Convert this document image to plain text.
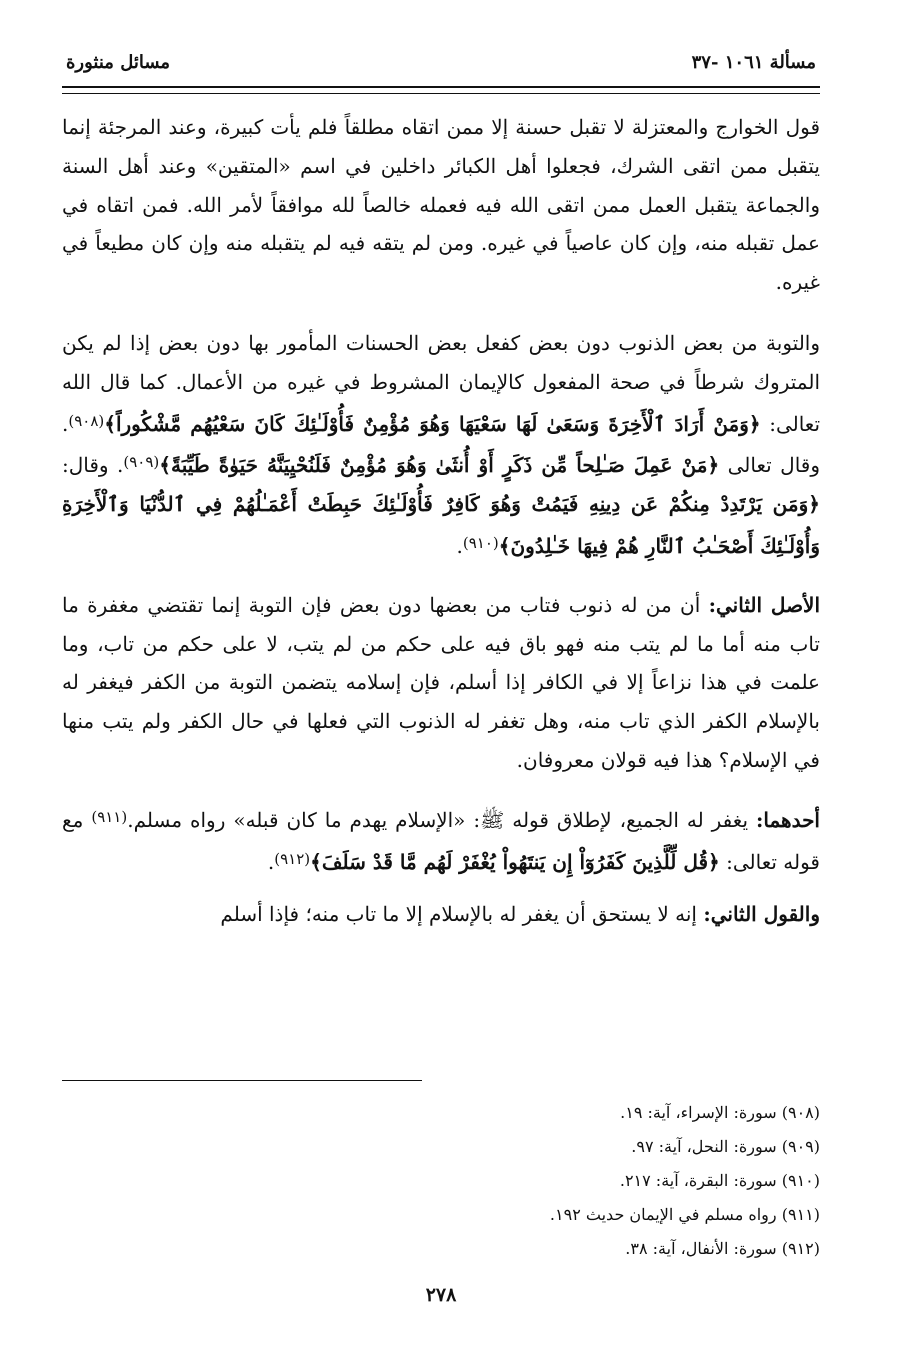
مسألة ١٠٦١ -٣٧
مسائل منثورة

قول الخوارج والمعتزلة لا تقبل حسنة إلا ممن اتقاه مطلقاً فلم يأت كبيرة، وعند المرجئة إنما يتقبل ممن اتقى الشرك، فجعلوا أهل الكبائر داخلين في اسم «المتقين» وعند أهل السنة والجماعة يتقبل العمل ممن اتقى الله فيه فعمله خالصاً لله موافقاً لأمر الله. فمن اتقاه في عمل تقبله منه، وإن كان عاصياً في غيره. ومن لم يتقه فيه لم يتقبله منه وإن كان مطيعاً في غيره.

والتوبة من بعض الذنوب دون بعض كفعل بعض الحسنات المأمور بها دون بعض إذا لم يكن المتروك شرطاً في صحة المفعول كالإيمان المشروط في غيره من الأعمال. كما قال الله تعالى: ﴿وَمَنْ أَرَادَ ٱلْأَخِرَةَ وَسَعَىٰ لَهَا سَعْيَهَا وَهُوَ مُؤْمِنٌ فَأُوْلَـٰئِكَ كَانَ سَعْيُهُم مَّشْكُوراً﴾$^{(٩٠٨)}$. وقال تعالى ﴿مَنْ عَمِلَ صَـٰلِحاً مِّن ذَكَرٍ أَوْ أُنثَىٰ وَهُوَ مُؤْمِنٌ فَلَنُحْيِيَنَّهُ حَيَوٰةً طَيِّبَةً﴾$^{(٩٠٩)}$. وقال: ﴿وَمَن يَرْتَدِدْ مِنكُمْ عَن دِينِهِ فَيَمُتْ وَهُوَ كَافِرٌ فَأُوْلَـٰئِكَ حَبِطَتْ أَعْمَـٰلُهُمْ فِي ٱلدُّنْيَا وَٱلْأَخِرَةِ وَأُوْلَـٰئِكَ أَصْحَـٰبُ ٱلنَّارِ هُمْ فِيهَا خَـٰلِدُونَ﴾$^{(٩١٠)}$.

الأصل الثاني: أن من له ذنوب فتاب من بعضها دون بعض فإن التوبة إنما تقتضي مغفرة ما تاب منه أما ما لم يتب منه فهو باق فيه على حكم من لم يتب، لا على حكم من تاب، وما علمت في هذا نزاعاً إلا في الكافر إذا أسلم، فإن إسلامه يتضمن التوبة من الكفر فيغفر له بالإسلام الكفر الذي تاب منه، وهل تغفر له الذنوب التي فعلها في حال الكفر ولم يتب منها في الإسلام؟ هذا فيه قولان معروفان.

أحدهما: يغفر له الجميع، لإطلاق قوله ﷺ: «الإسلام يهدم ما كان قبله» رواه مسلم.$^{(٩١١)}$ مع قوله تعالى: ﴿قُل لِّلَّذِينَ كَفَرُوٓاْ إِن يَنتَهُواْ يُغْفَرْ لَهُم مَّا قَدْ سَلَفَ﴾$^{(٩١٢)}$.

والقول الثاني: إنه لا يستحق أن يغفر له بالإسلام إلا ما تاب منه؛ فإذا أسلم

(٩٠٨) سورة: الإسراء، آية: ١٩.

(٩٠٩) سورة: النحل، آية: ٩٧.

(٩١٠) سورة: البقرة، آية: ٢١٧.

(٩١١) رواه مسلم في الإيمان حديث ١٩٢.

(٩١٢) سورة: الأنفال، آية: ٣٨.

٢٧٨
